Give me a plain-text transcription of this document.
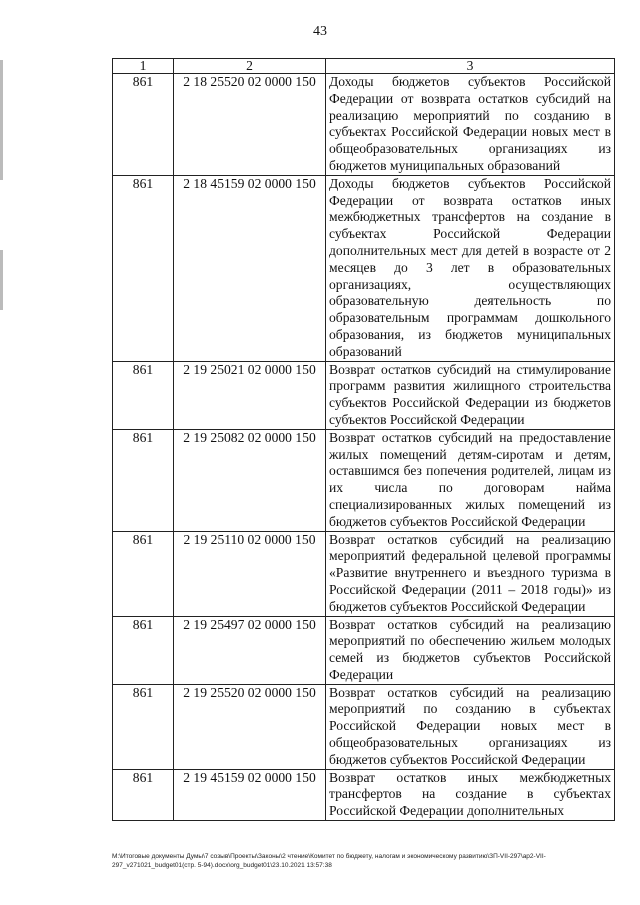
43
1	2	3
861	2 18 25520 02 0000 150	Доходы бюджетов субъектов Российской Федерации от возврата остатков субсидий на реализацию мероприятий по созданию в субъектах Российской Федерации новых мест в общеобразовательных организациях из бюджетов муниципальных образований
861	2 18 45159 02 0000 150	Доходы бюджетов субъектов Российской Федерации от возврата остатков иных межбюджетных трансфертов на создание в субъектах Российской Федерации дополнительных мест для детей в возрасте от 2 месяцев до 3 лет в образовательных организациях, осуществляющих образовательную деятельность по образовательным программам дошкольного образования, из бюджетов муниципальных образований
861	2 19 25021 02 0000 150	Возврат остатков субсидий на стимулирование программ развития жилищного строительства субъектов Российской Федерации из бюджетов субъектов Российской Федерации
861	2 19 25082 02 0000 150	Возврат остатков субсидий на предоставление жилых помещений детям-сиротам и детям, оставшимся без попечения родителей, лицам из их числа по договорам найма специализированных жилых помещений из бюджетов субъектов Российской Федерации
861	2 19 25110 02 0000 150	Возврат остатков субсидий на реализацию мероприятий федеральной целевой программы «Развитие внутреннего и въездного туризма в Российской Федерации (2011 – 2018 годы)» из бюджетов субъектов Российской Федерации
861	2 19 25497 02 0000 150	Возврат остатков субсидий на реализацию мероприятий по обеспечению жильем молодых семей из бюджетов субъектов Российской Федерации
861	2 19 25520 02 0000 150	Возврат остатков субсидий на реализацию мероприятий по созданию в субъектах Российской Федерации новых мест в общеобразовательных организациях из бюджетов субъектов Российской Федерации
861	2 19 45159 02 0000 150	Возврат остатков иных межбюджетных трансфертов на создание в субъектах Российской Федерации дополнительных
M:\Итоговые документы Думы\7 созыв\Проекты\Законы\2 чтение\Комитет по бюджету, налогам и экономическому развитию\ЗП-VII-297\ap2-VII-297_v271021_budget01(стр. 5-94).docx\org_budget01\23.10.2021 13:57:38
